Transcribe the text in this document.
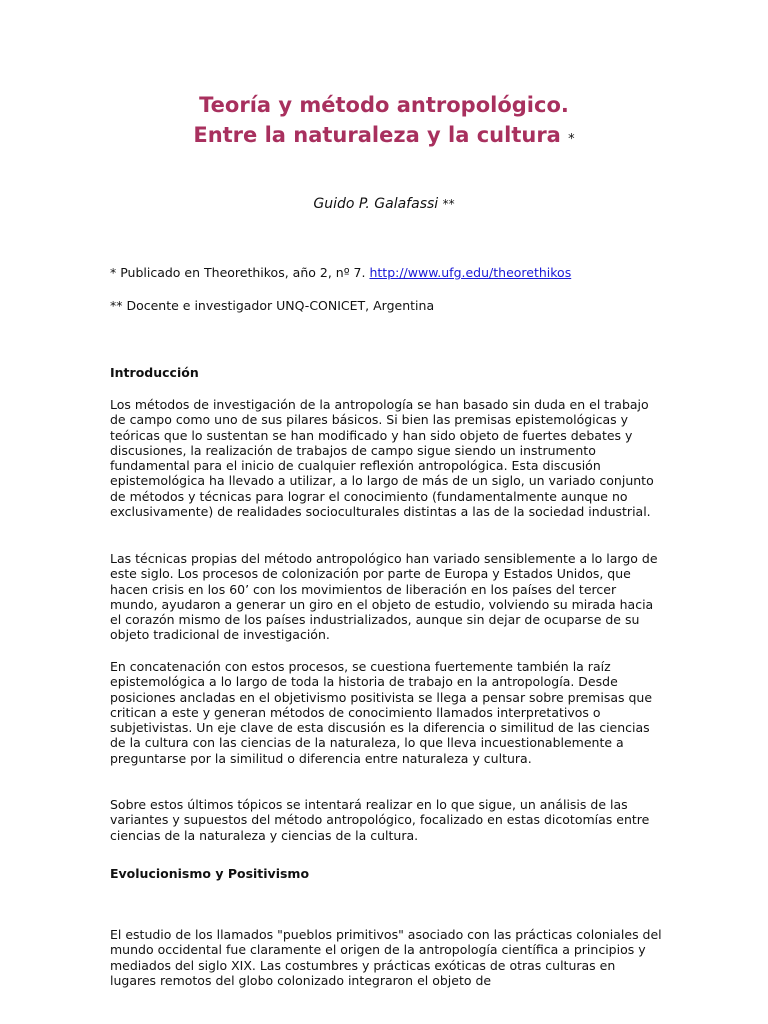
Teoría y método antropológico.
Entre la naturaleza y la cultura *
Guido P. Galafassi **
* Publicado en Theorethikos, año 2, nº 7. http://www.ufg.edu/theorethikos
** Docente e investigador UNQ-CONICET, Argentina
Introducción

Los métodos de investigación de la antropología se han basado sin duda en el trabajo de campo como uno de sus pilares básicos. Si bien las premisas epistemológicas y teóricas que lo sustentan se han modificado y han sido objeto de fuertes debates y discusiones, la realización de trabajos de campo sigue siendo un instrumento fundamental para el inicio de cualquier reflexión antropológica. Esta discusión epistemológica ha llevado a utilizar, a lo largo de más de un siglo, un variado conjunto de métodos y técnicas para lograr el conocimiento (fundamentalmente aunque no exclusivamente) de realidades socioculturales distintas a las de la sociedad industrial.

Las técnicas propias del método antropológico han variado sensiblemente a lo largo de este siglo. Los procesos de colonización por parte de Europa y Estados Unidos, que hacen crisis en los 60’ con los movimientos de liberación en los países del tercer mundo, ayudaron a generar un giro en el objeto de estudio, volviendo su mirada hacia el corazón mismo de los países industrializados, aunque sin dejar de ocuparse de su objeto tradicional de investigación.

En concatenación con estos procesos, se cuestiona fuertemente también la raíz epistemológica a lo largo de toda la historia de trabajo en la antropología. Desde posiciones ancladas en el objetivismo positivista se llega a pensar sobre premisas que critican a este y generan métodos de conocimiento llamados interpretativos o subjetivistas. Un eje clave de esta discusión es la diferencia o similitud de las ciencias de la cultura con las ciencias de la naturaleza, lo que lleva incuestionablemente a preguntarse por la similitud o diferencia entre naturaleza y cultura.

Sobre estos últimos tópicos se intentará realizar en lo que sigue, un análisis de las variantes y supuestos del método antropológico, focalizado en estas dicotomías entre ciencias de la naturaleza y ciencias de la cultura.

Evolucionismo y Positivismo

El estudio de los llamados "pueblos primitivos" asociado con las prácticas coloniales del mundo occidental fue claramente el origen de la antropología científica a principios y mediados del siglo XIX. Las costumbres y prácticas exóticas de otras culturas en lugares remotos del globo colonizado integraron el objeto de
